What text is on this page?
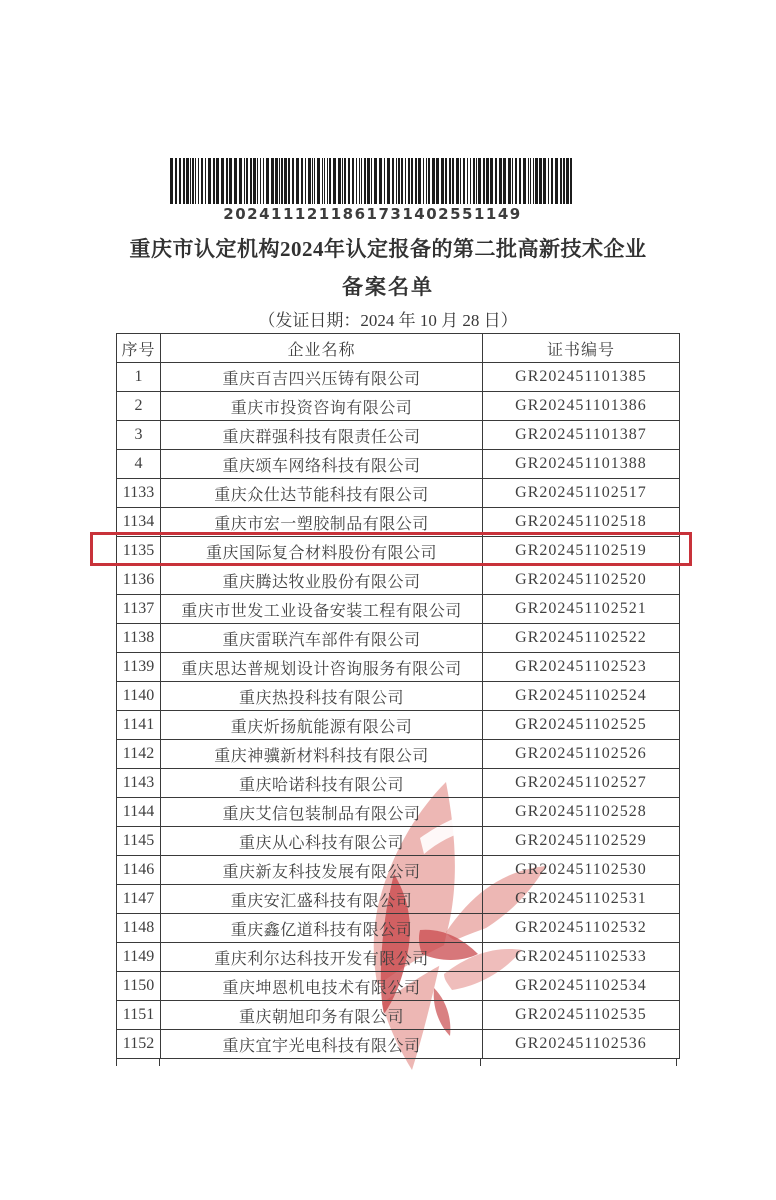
2024111211861731402551149
重庆市认定机构2024年认定报备的第二批高新技术企业
备案名单
（发证日期：2024 年 10 月 28 日）
序号	企业名称	证书编号
1	重庆百吉四兴压铸有限公司	GR202451101385
2	重庆市投资咨询有限公司	GR202451101386
3	重庆群强科技有限责任公司	GR202451101387
4	重庆颂车网络科技有限公司	GR202451101388
1133	重庆众仕达节能科技有限公司	GR202451102517
1134	重庆市宏一塑胶制品有限公司	GR202451102518
1135	重庆国际复合材料股份有限公司	GR202451102519
1136	重庆腾达牧业股份有限公司	GR202451102520
1137	重庆市世发工业设备安装工程有限公司	GR202451102521
1138	重庆雷联汽车部件有限公司	GR202451102522
1139	重庆思达普规划设计咨询服务有限公司	GR202451102523
1140	重庆热投科技有限公司	GR202451102524
1141	重庆炘扬航能源有限公司	GR202451102525
1142	重庆神骥新材料科技有限公司	GR202451102526
1143	重庆哈诺科技有限公司	GR202451102527
1144	重庆艾信包装制品有限公司	GR202451102528
1145	重庆从心科技有限公司	GR202451102529
1146	重庆新友科技发展有限公司	GR202451102530
1147	重庆安汇盛科技有限公司	GR202451102531
1148	重庆鑫亿道科技有限公司	GR202451102532
1149	重庆利尔达科技开发有限公司	GR202451102533
1150	重庆坤恩机电技术有限公司	GR202451102534
1151	重庆朝旭印务有限公司	GR202451102535
1152	重庆宜宇光电科技有限公司	GR202451102536
